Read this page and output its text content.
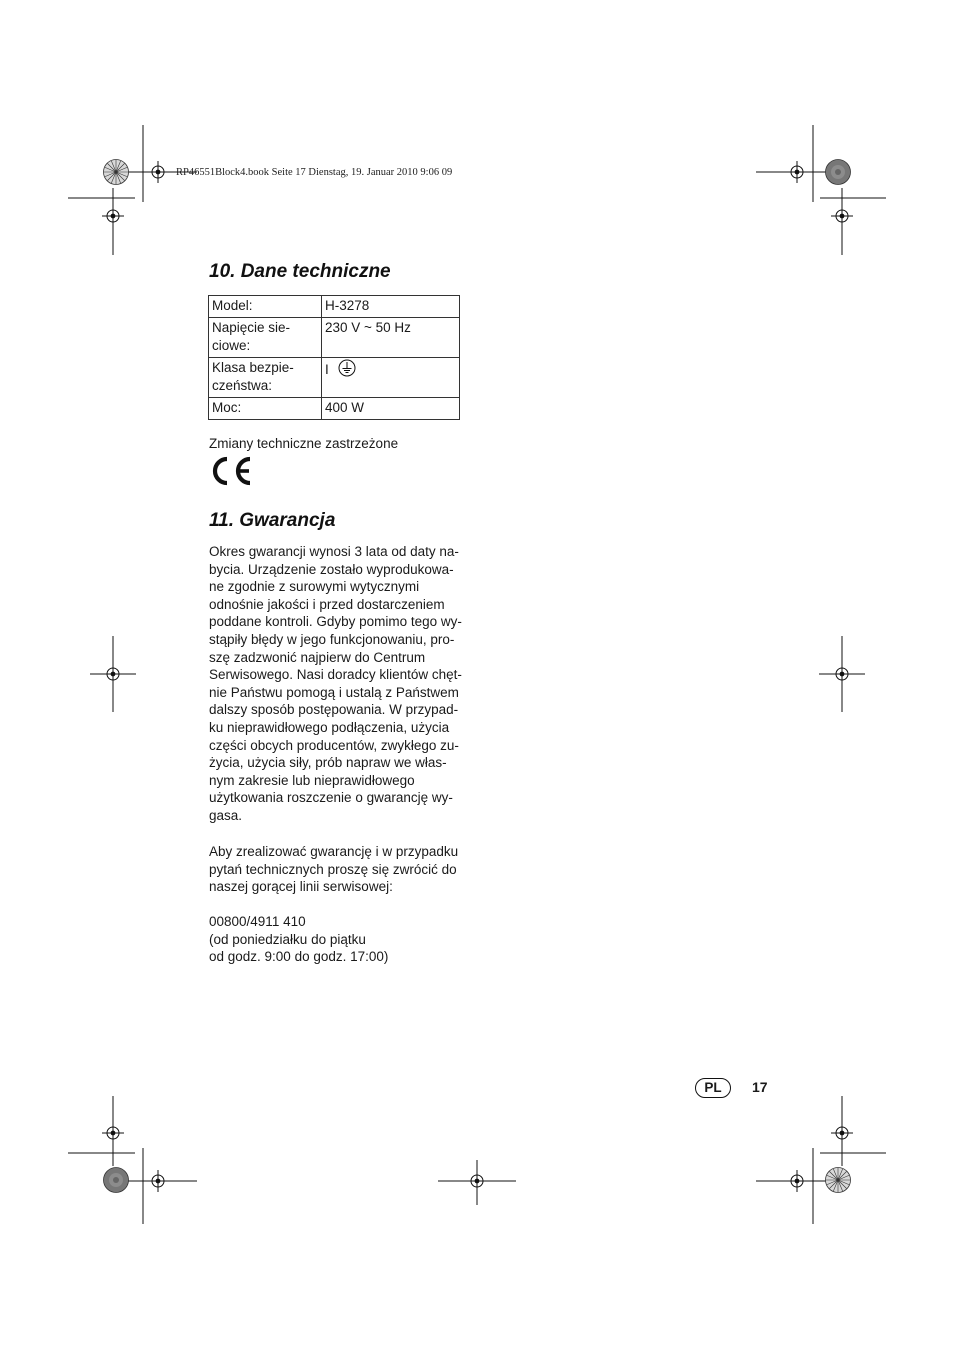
RP46551Block4.book Seite 17 Dienstag, 19. Januar 2010 9:06 09
10. Dane techniczne
Model:	H-3278

Napięcie sie-
ciowe:	230 V ~ 50 Hz

Klasa bezpie-
czeństwa:	I
Moc:	400 W
Zmiany techniczne zastrzeżone
11. Gwarancja
Okres gwarancji wynosi 3 lata od daty na-
bycia. Urządzenie zostało wyprodukowa-
ne zgodnie z surowymi wytycznymi
odnośnie jakości i przed dostarczeniem
poddane kontroli. Gdyby pomimo tego wy-
stąpiły błędy w jego funkcjonowaniu, pro-
szę zadzwonić najpierw do Centrum
Serwisowego. Nasi doradcy klientów chęt-
nie Państwu pomogą i ustalą z Państwem
dalszy sposób postępowania. W przypad-
ku nieprawidłowego podłączenia, użycia
części obcych producentów, zwykłego zu-
życia, użycia siły, prób napraw we włas-
nym zakresie lub nieprawidłowego
użytkowania roszczenie o gwarancję wy-
gasa.
Aby zrealizować gwarancję i w przypadku
pytań technicznych proszę się zwrócić do
naszej gorącej linii serwisowej:
00800/4911 410
(od poniedziałku do piątku
od godz. 9:00 do godz. 17:00)
PL	17
